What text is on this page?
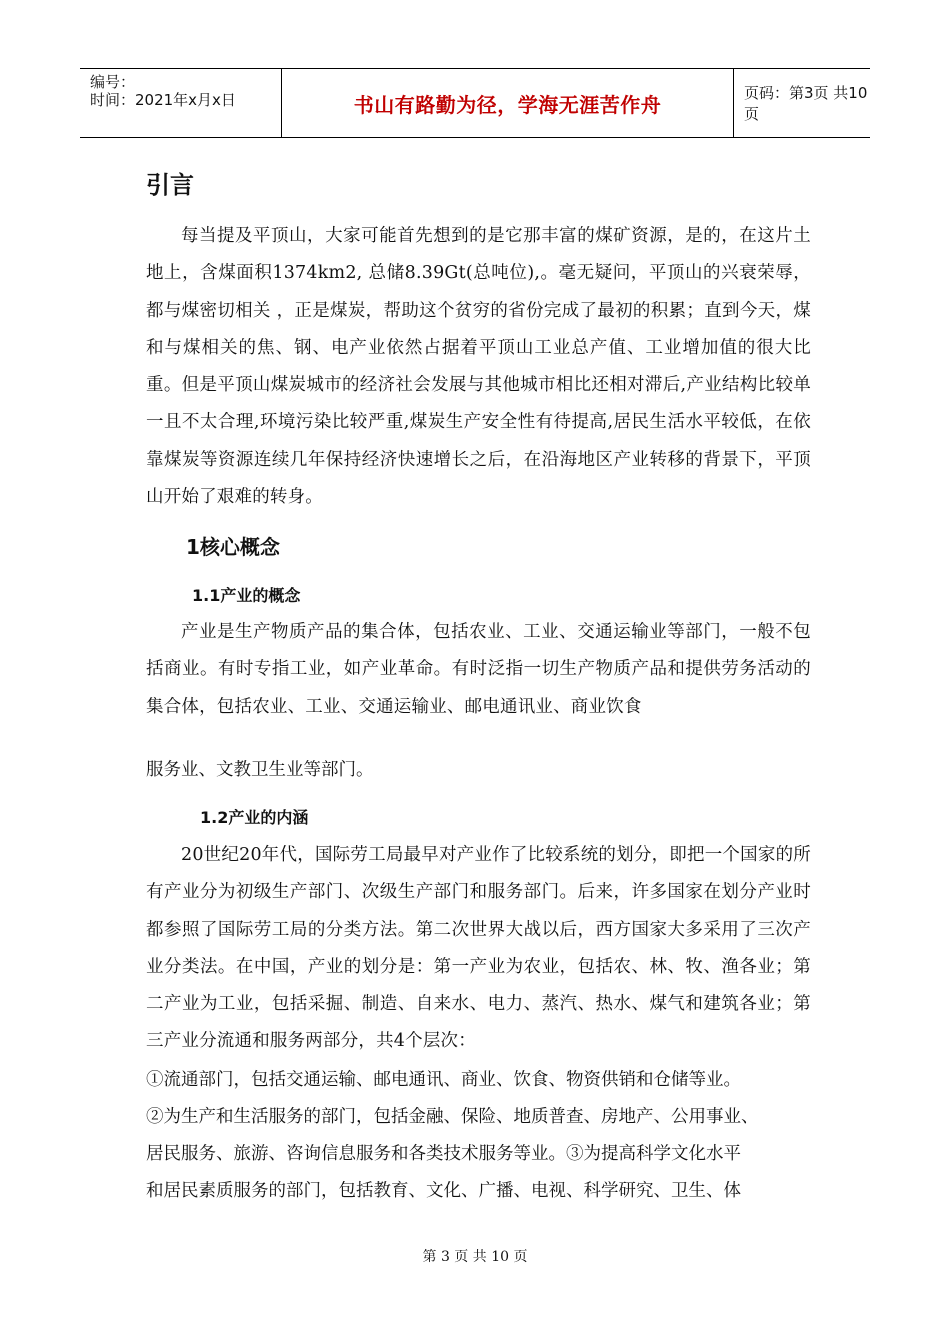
编号：
时间：2021年x月x日	书山有路勤为径，学海无涯苦作舟	页码：第3页 共10页
引言

每当提及平顶山，大家可能首先想到的是它那丰富的煤矿资源，是的，在这片土地上，含煤面积1374km2, 总储8.39Gt(总吨位),。毫无疑问，平顶山的兴衰荣辱，都与煤密切相关 ，正是煤炭，帮助这个贫穷的省份完成了最初的积累；直到今天，煤和与煤相关的焦、钢、电产业依然占据着平顶山工业总产值、工业增加值的很大比重。但是平顶山煤炭城市的经济社会发展与其他城市相比还相对滞后,产业结构比较单一且不太合理,环境污染比较严重,煤炭生产安全性有待提高,居民生活水平较低，在依靠煤炭等资源连续几年保持经济快速增长之后，在沿海地区产业转移的背景下，平顶山开始了艰难的转身。

1核心概念
1.1产业的概念

产业是生产物质产品的集合体，包括农业、工业、交通运输业等部门，一般不包括商业。有时专指工业，如产业革命。有时泛指一切生产物质产品和提供劳务活动的集合体，包括农业、工业、交通运输业、邮电通讯业、商业饮食

服务业、文教卫生业等部门。
1.2产业的内涵

20世纪20年代，国际劳工局最早对产业作了比较系统的划分，即把一个国家的所有产业分为初级生产部门、次级生产部门和服务部门。后来，许多国家在划分产业时都参照了国际劳工局的分类方法。第二次世界大战以后，西方国家大多采用了三次产业分类法。在中国，产业的划分是：第一产业为农业，包括农、林、牧、渔各业；第二产业为工业，包括采掘、制造、自来水、电力、蒸汽、热水、煤气和建筑各业；第三产业分流通和服务两部分，共4个层次：

①流通部门，包括交通运输、邮电通讯、商业、饮食、物资供销和仓储等业。
②为生产和生活服务的部门，包括金融、保险、地质普查、房地产、公用事业、
居民服务、旅游、咨询信息服务和各类技术服务等业。③为提高科学文化水平
和居民素质服务的部门，包括教育、文化、广播、电视、科学研究、卫生、体
第 3 页 共 10 页
